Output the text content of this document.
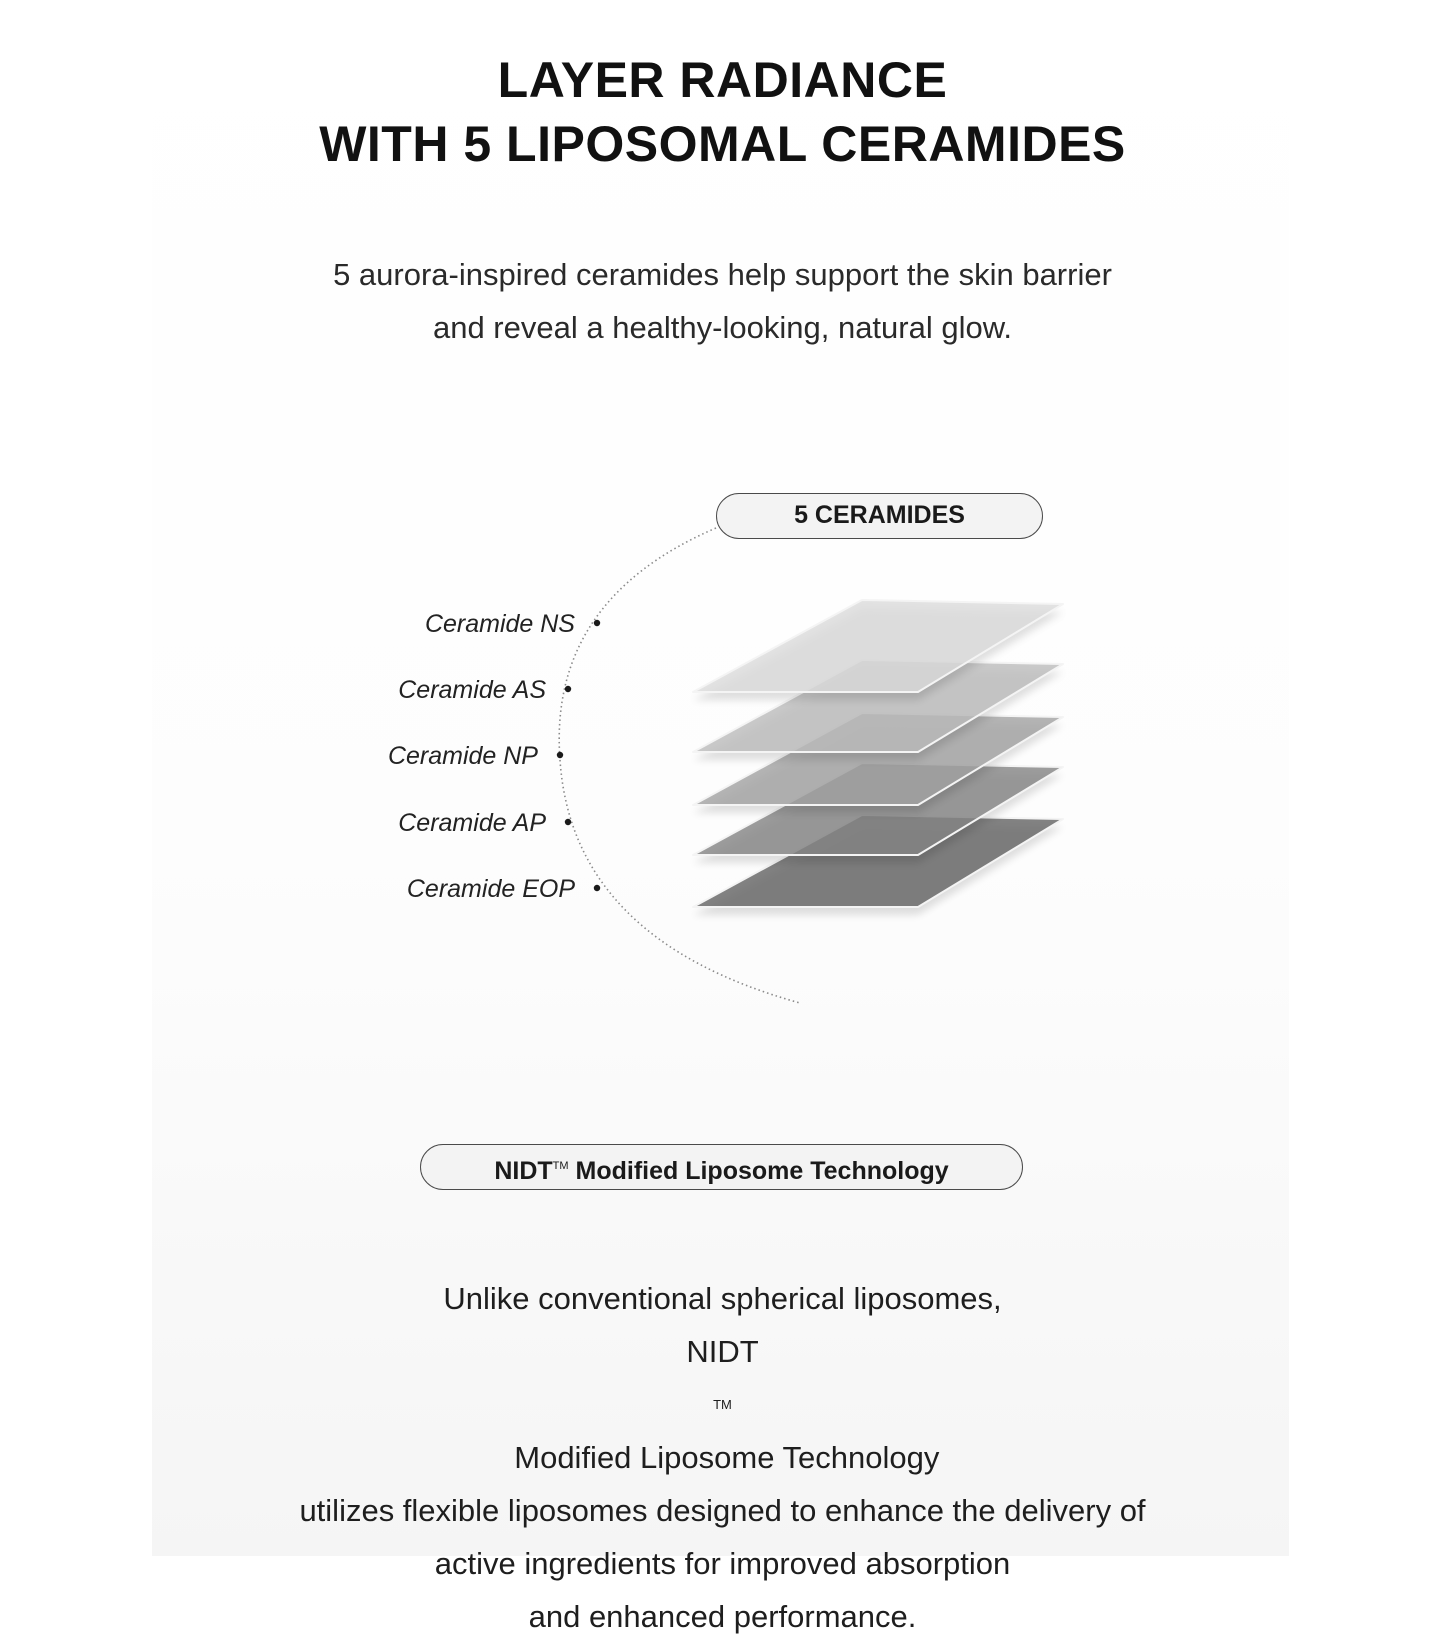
LAYER RADIANCE
WITH 5 LIPOSOMAL CERAMIDES
5 aurora-inspired ceramides help support the skin barrier
and reveal a healthy-looking, natural glow.
Ceramide NS
Ceramide AS
Ceramide NP
Ceramide AP
Ceramide EOP
5 CERAMIDES
NIDT™ Modified Liposome Technology
Unlike conventional spherical liposomes,
NIDT
TM
Modified Liposome Technology
utilizes flexible liposomes designed to enhance the delivery of
active ingredients for improved absorption
and enhanced performance.
